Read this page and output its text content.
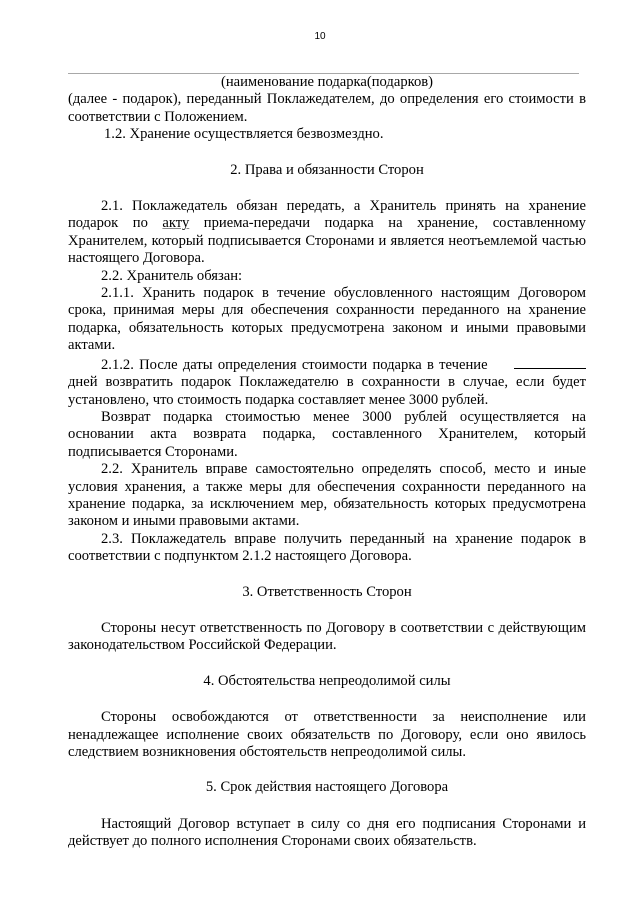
10

(наименование подарка(подарков)

(далее - подарок), переданный Поклажедателем, до определения его стоимости в соответствии с Положением.

1.2. Хранение осуществляется безвозмездно.

2. Права и обязанности Сторон

2.1. Поклажедатель обязан передать, а Хранитель принять на хранение подарок по акту приема-передачи подарка на хранение, составленному Хранителем, который подписывается Сторонами и является неотъемлемой частью настоящего Договора.

2.2. Хранитель обязан:

2.1.1. Хранить подарок в течение обусловленного настоящим Договором срока, принимая меры для обеспечения сохранности переданного на хранение подарка, обязательность которых предусмотрена законом и иными правовыми актами.

2.1.2. После даты определения стоимости подарка в течение      дней возвратить подарок Поклажедателю в сохранности в случае, если будет установлено, что стоимость подарка составляет менее 3000 рублей.

Возврат подарка стоимостью менее 3000 рублей осуществляется на основании акта возврата подарка, составленного Хранителем, который подписывается Сторонами.

2.2. Хранитель вправе самостоятельно определять способ, место и иные условия хранения, а также меры для обеспечения сохранности переданного на хранение подарка, за исключением мер, обязательность которых предусмотрена законом и иными правовыми актами.

2.3. Поклажедатель вправе получить переданный на хранение подарок в соответствии с подпунктом 2.1.2 настоящего Договора.

3. Ответственность Сторон

Стороны несут ответственность по Договору в соответствии с действующим законодательством Российской Федерации.

4. Обстоятельства непреодолимой силы

Стороны освобождаются от ответственности за неисполнение или ненадлежащее исполнение своих обязательств по Договору, если оно явилось следствием возникновения обстоятельств непреодолимой силы.

5. Срок действия настоящего Договора

Настоящий Договор вступает в силу со дня его подписания Сторонами и действует до полного исполнения Сторонами своих обязательств.
